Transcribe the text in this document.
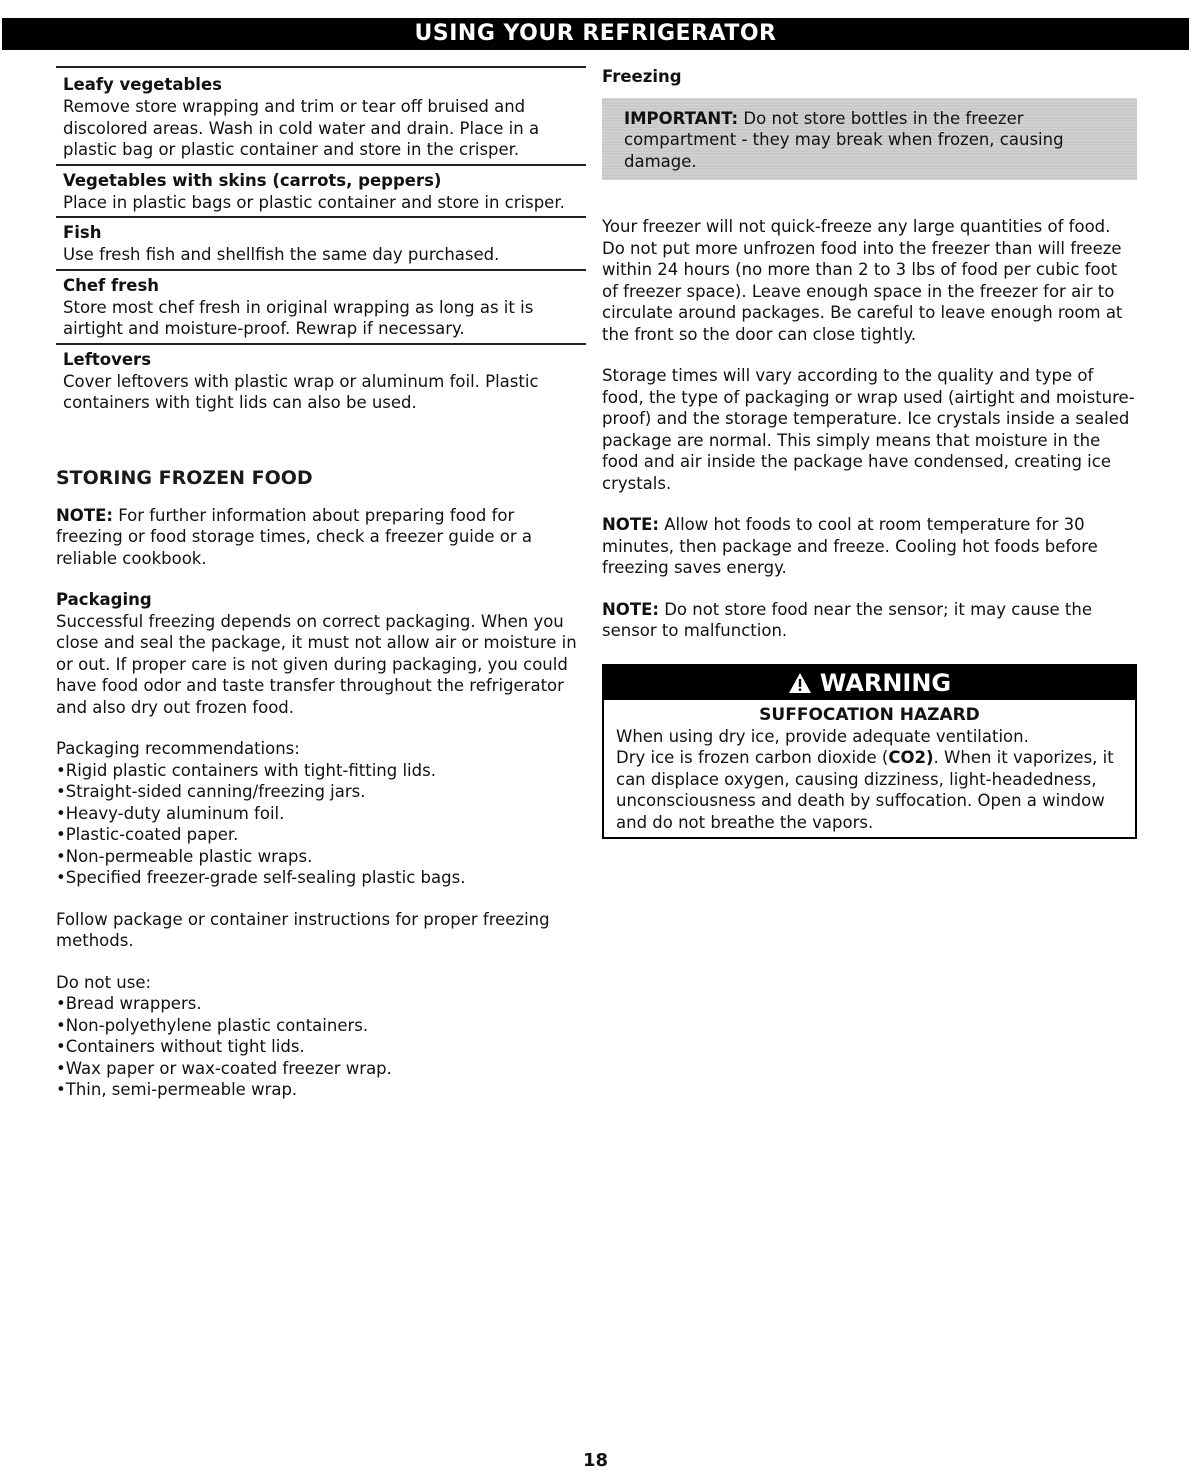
USING YOUR REFRIGERATOR
Leafy vegetables
Remove store wrapping and trim or tear off bruised and discolored areas. Wash in cold water and drain. Place in a plastic bag or plastic container and store in the crisper.
Vegetables with skins (carrots, peppers)
Place in plastic bags or plastic container and store in crisper.
Fish
Use fresh fish and shellfish the same day purchased.
Chef fresh
Store most chef fresh in original wrapping as long as it is airtight and moisture-proof. Rewrap if necessary.
Leftovers
Cover leftovers with plastic wrap or aluminum foil. Plastic containers with tight lids can also be used.
STORING FROZEN FOOD

NOTE: For further information about preparing food for freezing or food storage times, check a freezer guide or a reliable cookbook.

Packaging

Successful freezing depends on correct packaging. When you close and seal the package, it must not allow air or moisture in or out. If proper care is not given during packaging, you could have food odor and taste transfer throughout the refrigerator and also dry out frozen food.

Packaging recommendations:

• Rigid plastic containers with tight-fitting lids.
• Straight-sided canning/freezing jars.
• Heavy-duty aluminum foil.
• Plastic-coated paper.
• Non-permeable plastic wraps.
• Specified freezer-grade self-sealing plastic bags.

Follow package or container instructions for proper freezing methods.

Do not use:

• Bread wrappers.
• Non-polyethylene plastic containers.
• Containers without tight lids.
• Wax paper or wax-coated freezer wrap.
• Thin, semi-permeable wrap.
Freezing
IMPORTANT: Do not store bottles in the freezer compartment - they may break when frozen, causing damage.

Your freezer will not quick-freeze any large quantities of food. Do not put more unfrozen food into the freezer than will freeze within 24 hours (no more than 2 to 3 lbs of food per cubic foot of freezer space). Leave enough space in the freezer for air to circulate around packages. Be careful to leave enough room at the front so the door can close tightly.

Storage times will vary according to the quality and type of food, the type of packaging or wrap used (airtight and moisture-proof) and the storage temperature. Ice crystals inside a sealed package are normal. This simply means that moisture in the food and air inside the package have condensed, creating ice crystals.

NOTE: Allow hot foods to cool at room temperature for 30 minutes, then package and freeze. Cooling hot foods before freezing saves energy.

NOTE: Do not store food near the sensor; it may cause the sensor to malfunction.

WARNING
SUFFOCATION HAZARD
When using dry ice, provide adequate ventilation.
Dry ice is frozen carbon dioxide (CO2). When it vaporizes, it can displace oxygen, causing dizziness, light-headedness, unconsciousness and death by suffocation. Open a window and do not breathe the vapors.
18
